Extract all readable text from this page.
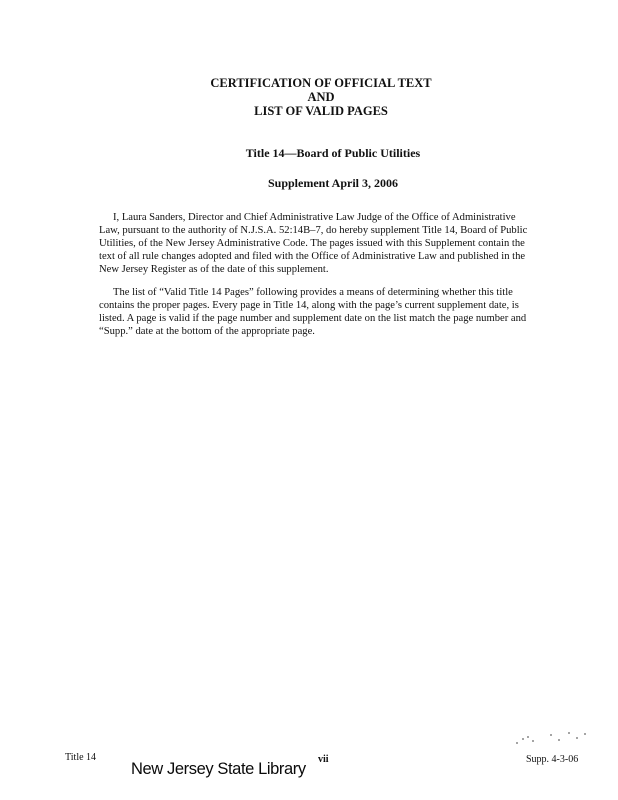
CERTIFICATION OF OFFICIAL TEXT
AND
LIST OF VALID PAGES
Title 14—Board of Public Utilities
Supplement April 3, 2006
I, Laura Sanders, Director and Chief Administrative Law Judge of the Office of Administrative
Law, pursuant to the authority of N.J.S.A. 52:14B–7, do hereby supplement Title 14, Board of Public
Utilities, of the New Jersey Administrative Code. The pages issued with this Supplement contain the
text of all rule changes adopted and filed with the Office of Administrative Law and published in the
New Jersey Register as of the date of this supplement.
The list of “Valid Title 14 Pages” following provides a means of determining whether this title
contains the proper pages. Every page in Title 14, along with the page’s current supplement date, is
listed. A page is valid if the page number and supplement date on the list match the page number and
“Supp.” date at the bottom of the appropriate page.
Title 14
New Jersey State Library
vii	Supp. 4-3-06
